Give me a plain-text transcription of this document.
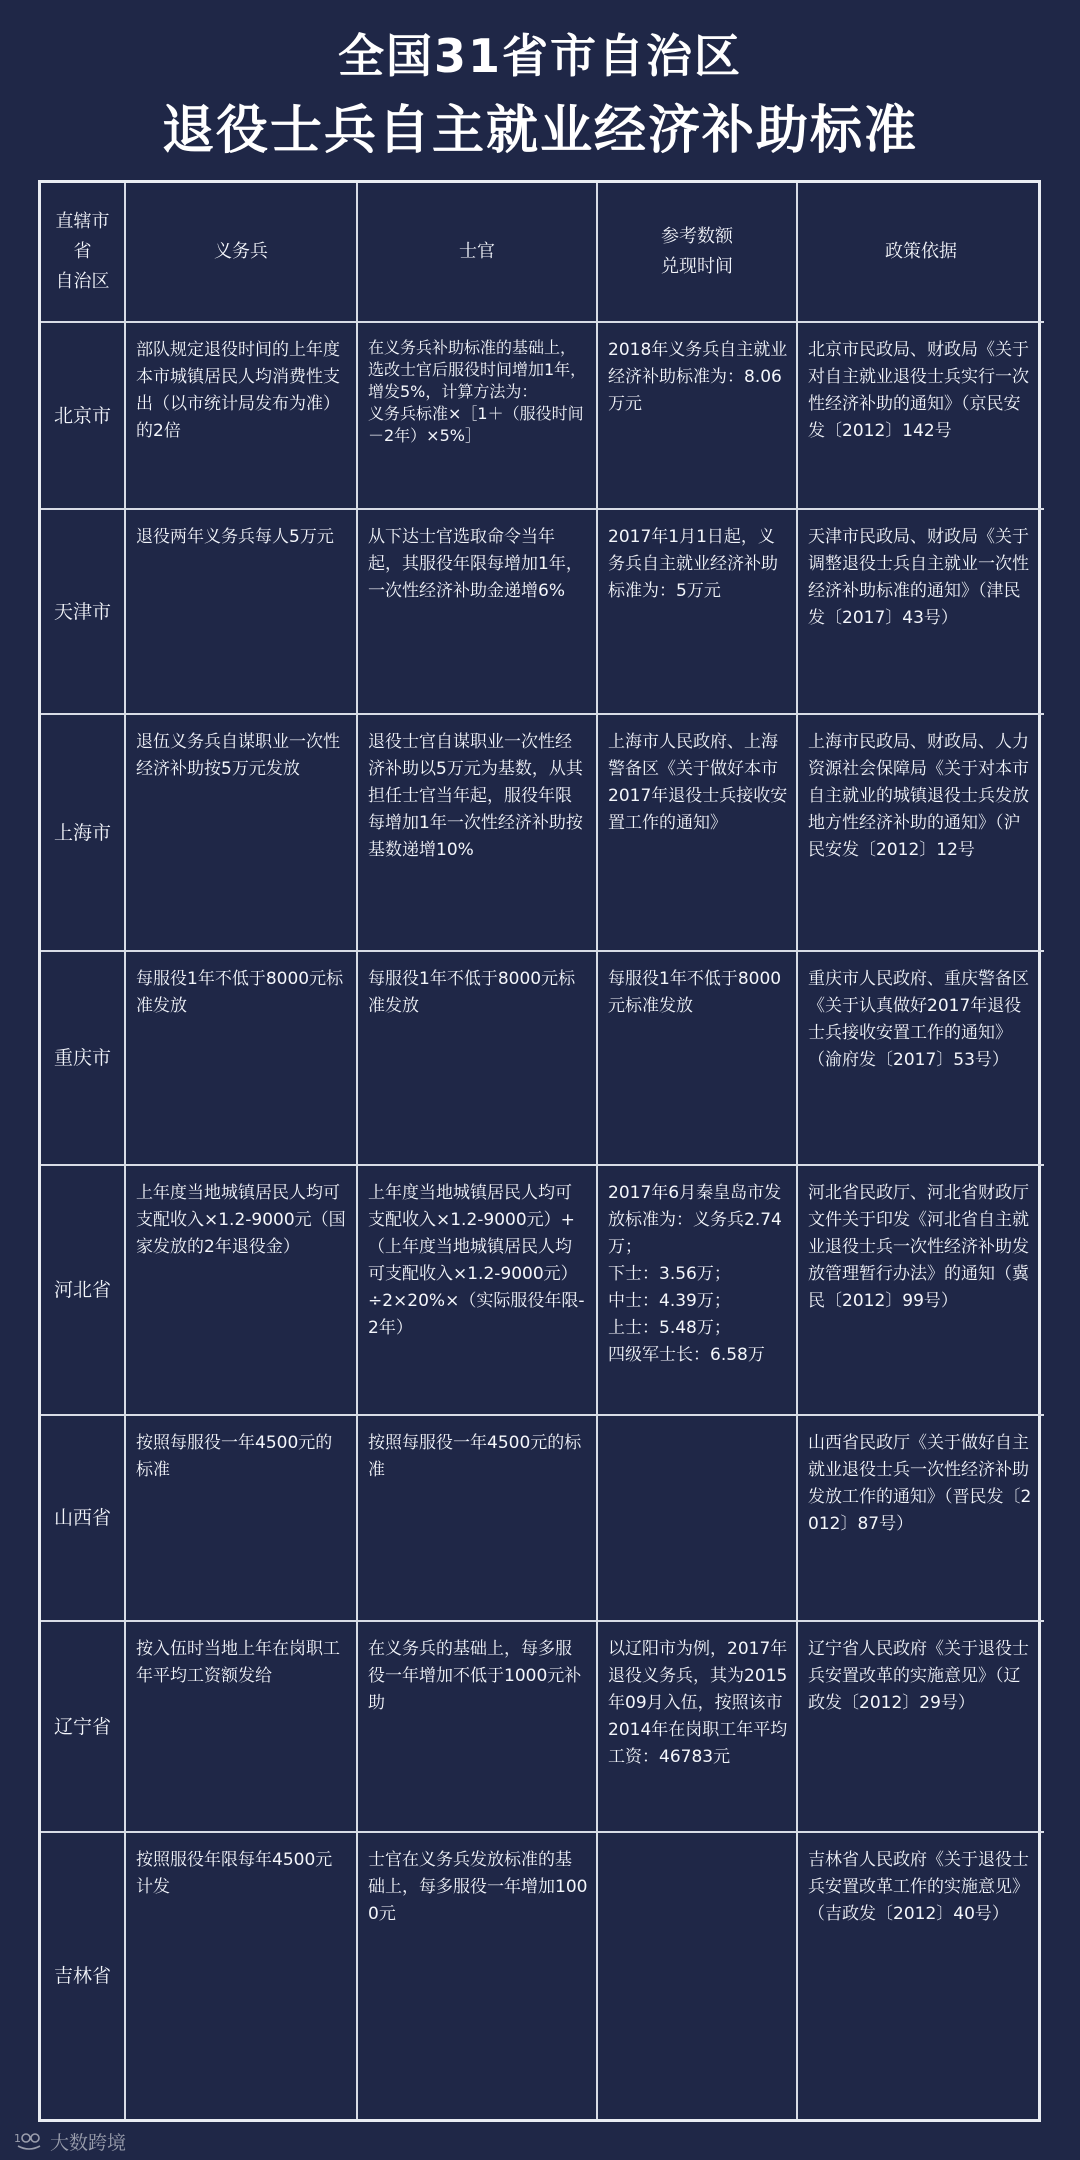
全国31省市自治区
退役士兵自主就业经济补助标准
直辖市
省
自治区
义务兵	士官
参考数额
兑现时间
政策依据
北京市
部队规定退役时间的上年度本市城镇居民人均消费性支出（以市统计局发布为准）的2倍
在义务兵补助标准的基础上，选改士官后服役时间增加1年，增发5%，计算方法为：
义务兵标准×［1＋（服役时间－2年）×5%］
2018年义务兵自主就业经济补助标准为：8.06万元
北京市民政局、财政局《关于对自主就业退役士兵实行一次性经济补助的通知》（京民安发〔2012〕142号
天津市
退役两年义务兵每人5万元	从下达士官选取命令当年起，其服役年限每增加1年，一次性经济补助金递增6%
2017年1月1日起，义务兵自主就业经济补助标准为：5万元
天津市民政局、财政局《关于调整退役士兵自主就业一次性经济补助标准的通知》（津民发〔2017〕43号）
上海市
退伍义务兵自谋职业一次性经济补助按5万元发放
退役士官自谋职业一次性经济补助以5万元为基数，从其担任士官当年起，服役年限每增加1年一次性经济补助按基数递增10%
上海市人民政府、上海警备区《关于做好本市2017年退役士兵接收安置工作的通知》
上海市民政局、财政局、人力资源社会保障局《关于对本市自主就业的城镇退役士兵发放地方性经济补助的通知》（沪民安发〔2012〕12号
重庆市
每服役1年不低于8000元标准发放
每服役1年不低于8000元标准发放
每服役1年不低于8000元标准发放
重庆市人民政府、重庆警备区《关于认真做好2017年退役士兵接收安置工作的通知》（渝府发〔2017〕53号）
河北省
上年度当地城镇居民人均可支配收入×1.2-9000元（国家发放的2年退役金）
上年度当地城镇居民人均可支配收入×1.2-9000元）+（上年度当地城镇居民人均可支配收入×1.2-9000元）÷2×20%×（实际服役年限-2年）
2017年6月秦皇岛市发放标准为：义务兵2.74万；
下士：3.56万；
中士：4.39万；
上士：5.48万；
四级军士长：6.58万
河北省民政厅、河北省财政厅文件关于印发《河北省自主就业退役士兵一次性经济补助发放管理暂行办法》的通知（冀民〔2012〕99号）
山西省
按照每服役一年4500元的标准
按照每服役一年4500元的标准
山西省民政厅《关于做好自主就业退役士兵一次性经济补助发放工作的通知》（晋民发〔2012〕87号）
辽宁省
按入伍时当地上年在岗职工年平均工资额发给
在义务兵的基础上，每多服役一年增加不低于1000元补助
以辽阳市为例，2017年退役义务兵，其为2015年09月入伍，按照该市2014年在岗职工年平均工资：46783元
辽宁省人民政府《关于退役士兵安置改革的实施意见》（辽政发〔2012〕29号）
吉林省
按照服役年限每年4500元计发
士官在义务兵发放标准的基础上，每多服役一年增加1000元
吉林省人民政府《关于退役士兵安置改革工作的实施意见》（吉政发〔2012〕40号）
1 大数跨境
